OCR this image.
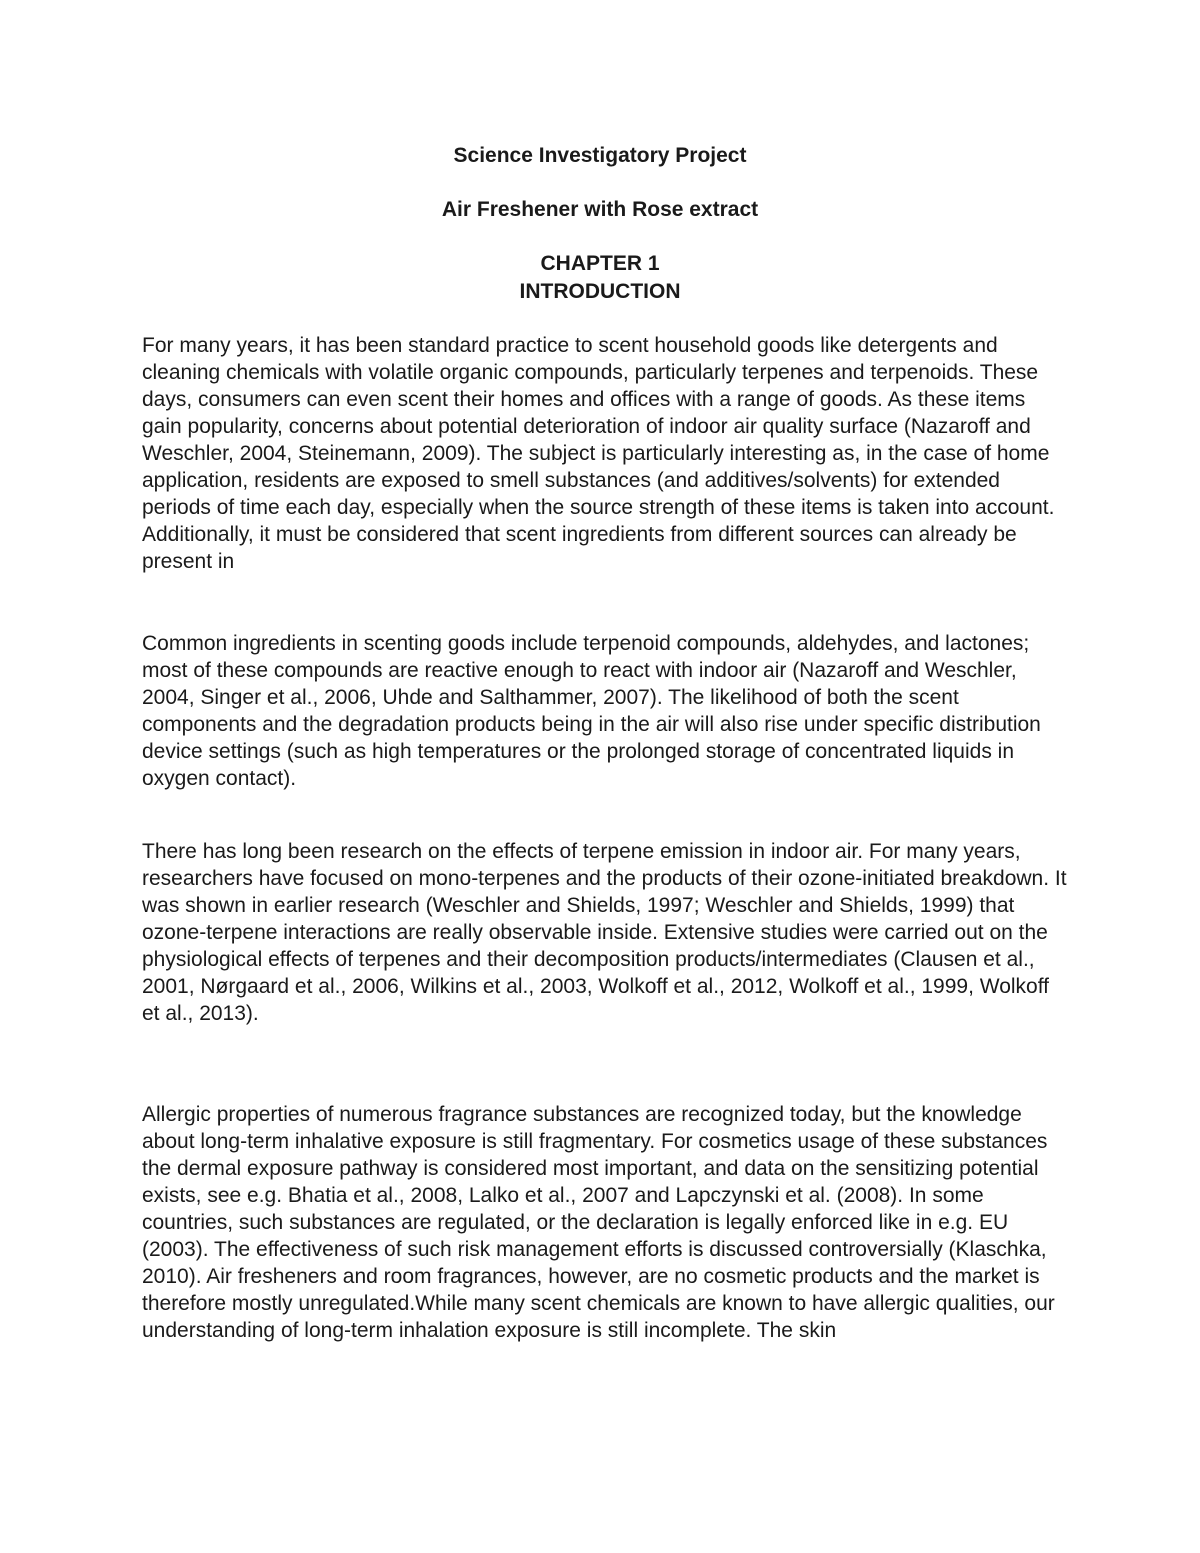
Science Investigatory Project
Air Freshener with Rose extract
CHAPTER 1
INTRODUCTION

For many years, it has been standard practice to scent household goods like detergents and cleaning chemicals with volatile organic compounds, particularly terpenes and terpenoids. These days, consumers can even scent their homes and offices with a range of goods. As these items gain popularity, concerns about potential deterioration of indoor air quality surface (Nazaroff and Weschler, 2004, Steinemann, 2009). The subject is particularly interesting as, in the case of home application, residents are exposed to smell substances (and additives/solvents) for extended periods of time each day, especially when the source strength of these items is taken into account. Additionally, it must be considered that scent ingredients from different sources can already be present in

Common ingredients in scenting goods include terpenoid compounds, aldehydes, and lactones; most of these compounds are reactive enough to react with indoor air (Nazaroff and Weschler, 2004, Singer et al., 2006, Uhde and Salthammer, 2007). The likelihood of both the scent components and the degradation products being in the air will also rise under specific distribution device settings (such as high temperatures or the prolonged storage of concentrated liquids in oxygen contact).

There has long been research on the effects of terpene emission in indoor air. For many years, researchers have focused on mono-terpenes and the products of their ozone-initiated breakdown. It was shown in earlier research (Weschler and Shields, 1997; Weschler and Shields, 1999) that ozone-terpene interactions are really observable inside. Extensive studies were carried out on the physiological effects of terpenes and their decomposition products/intermediates (Clausen et al., 2001, Nørgaard et al., 2006, Wilkins et al., 2003, Wolkoff et al., 2012, Wolkoff et al., 1999, Wolkoff et al., 2013).

Allergic properties of numerous fragrance substances are recognized today, but the knowledge about long-term inhalative exposure is still fragmentary. For cosmetics usage of these substances the dermal exposure pathway is considered most important, and data on the sensitizing potential exists, see e.g. Bhatia et al., 2008, Lalko et al., 2007 and Lapczynski et al. (2008). In some countries, such substances are regulated, or the declaration is legally enforced like in e.g. EU (2003). The effectiveness of such risk management efforts is discussed controversially (Klaschka, 2010). Air fresheners and room fragrances, however, are no cosmetic products and the market is therefore mostly unregulated.While many scent chemicals are known to have allergic qualities, our understanding of long-term inhalation exposure is still incomplete. The skin
